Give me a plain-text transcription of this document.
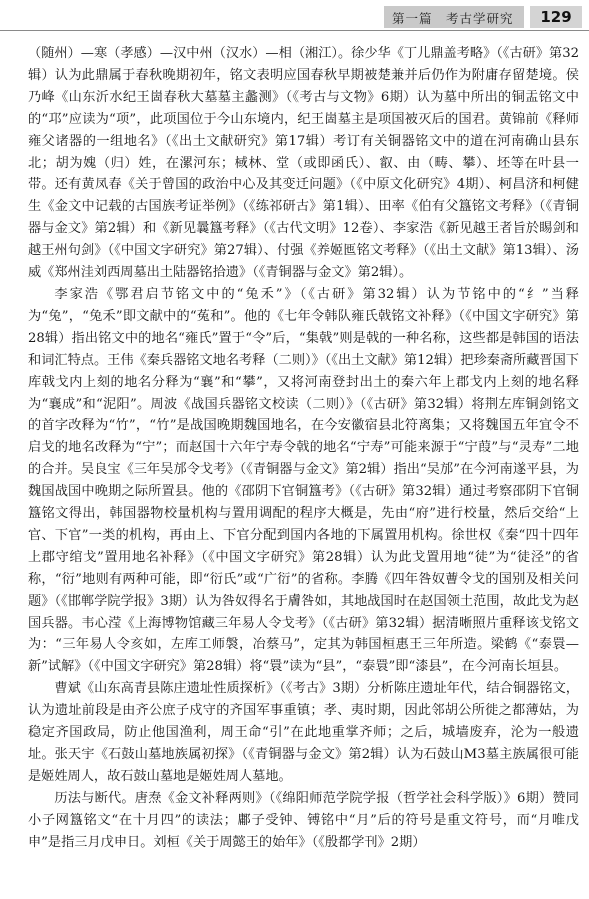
第一篇　考古学研究	129

（随州）—寒（孝感）—汉中州（汉水）—相（湘江）。徐少华《丁儿鼎盖考略》（《古研》第32辑）认为此鼎属于春秋晚期初年，铭文表明应国春秋早期被楚兼并后仍作为附庸存留楚境。侯乃峰《山东沂水纪王崮春秋大墓墓主蠡测》（《考古与文物》6期）认为墓中所出的铜盂铭文中的“邛”应读为“项”，此项国位于今山东境内，纪王崮墓主是项国被灭后的国君。黄锦前《释师雍父诸器的一组地名》（《出土文献研究》第17辑）考订有关铜器铭文中的道在河南确山县东北；胡为媿（归）姓，在漯河东；棫林、堂（或即函氏）、叡、由（畴、攀）、坯等在叶县一带。还有黄凤春《关于曾国的政治中心及其变迁问题》（《中原文化研究》4期）、柯昌济和柯健生《金文中记载的古国族考证举例》（《练祁研古》第1辑）、田率《伯有父簋铭文考释》（《青铜器与金文》第2辑）和《新见曩簋考释》（《古代文明》12卷）、李家浩《新见越王者旨於睗剑和越王州句剑》（《中国文字研究》第27辑）、付强《养姬匜铭文考释》（《出土文献》第13辑）、汤威《郑州洼刘西周墓出土陆器铭拾遗》（《青铜器与金文》第2辑）。

李家浩《鄂君启节铭文中的“兔禾”》（《古研》第32辑）认为节铭中的“纟”当释为“兔”，“兔禾”即文献中的“菟和”。他的《七年令韩队雍氏戟铭文补释》（《中国文字研究》第28辑）指出铭文中的地名“雍氏”置于“令”后，“集戟”则是戟的一种名称，这些都是韩国的语法和词汇特点。王伟《秦兵器铭文地名考释（二则）》（《出土文献》第12辑）把珍秦斋所藏晋国下库戟戈内上刻的地名分释为“襄”和“攀”，又将河南登封出土的秦六年上郡戈内上刻的地名释为“襄成”和“泥阳”。周波《战国兵器铭文校读（二则）》（《古研》第32辑）将荆左库铜剑铭文的首字改释为“竹”，“竹”是战国晚期魏国地名，在今安徽宿县北符离集；又将魏国五年宜令不启戈的地名改释为“宁”；而赵国十六年宁寿令戟的地名“宁寿”可能来源于“宁葭”与“灵寿”二地的合并。吴良宝《三年吴邡令戈考》（《青铜器与金文》第2辑）指出“吴邡”在今河南遂平县，为魏国战国中晚期之际所置县。他的《邵阴下官铜簋考》（《古研》第32辑）通过考察邵阴下官铜簋铭文得出，韩国器物校量机构与置用调配的程序大概是，先由“府”进行校量，然后交给“上官、下官”一类的机构，再由上、下官分配到国内各地的下属置用机构。徐世权《秦“四十四年上郡守绾戈”置用地名补释》（《中国文字研究》第28辑）认为此戈置用地“徒”为“徒泾”的省称，“衍”地则有两种可能，即“衍氏”或“广衍”的省称。李腾《四年咎奴蓸令戈的国别及相关问题》（《邯郸学院学报》3期）认为咎奴得名于膚咎如，其地战国时在赵国领土范围，故此戈为赵国兵器。韦心滢《上海博物馆藏三年易人令戈考》（《古研》第32辑）据清晰照片重释该戈铭文为：“三年易人令亥如，左库工师褩，冶蔡马”，定其为韩国桓惠王三年所造。梁鹤《“泰睘—新”试解》（《中国文字研究》第28辑）将“睘”读为“县”，“泰睘”即“漆县”，在今河南长垣县。

曹斌《山东高青县陈庄遗址性质探析》（《考古》3期）分析陈庄遗址年代，结合铜器铭文，认为遗址前段是由齐公庶子戍守的齐国军事重镇；孝、夷时期，因此邻胡公所徙之都薄姑，为稳定齐国政局，防止他国渔利，周王命“引”在此地重掌齐师；之后，城墙废弃，沦为一般遗址。张天宇《石鼓山墓地族属初探》（《青铜器与金文》第2辑）认为石鼓山M3墓主族属很可能是姬姓周人，故石鼓山墓地是姬姓周人墓地。

历法与断代。唐焘《金文补释两则》（《绵阳师范学院学报（哲学社会科学版）》6期）赞同小子网簋铭文“在十月四”的读法；鄘子受钟、镈铭中“月”后的符号是重文符号，而“月唯戊申”是指三月戊申日。刘桓《关于周懿王的始年》（《殷都学刊》2期）
